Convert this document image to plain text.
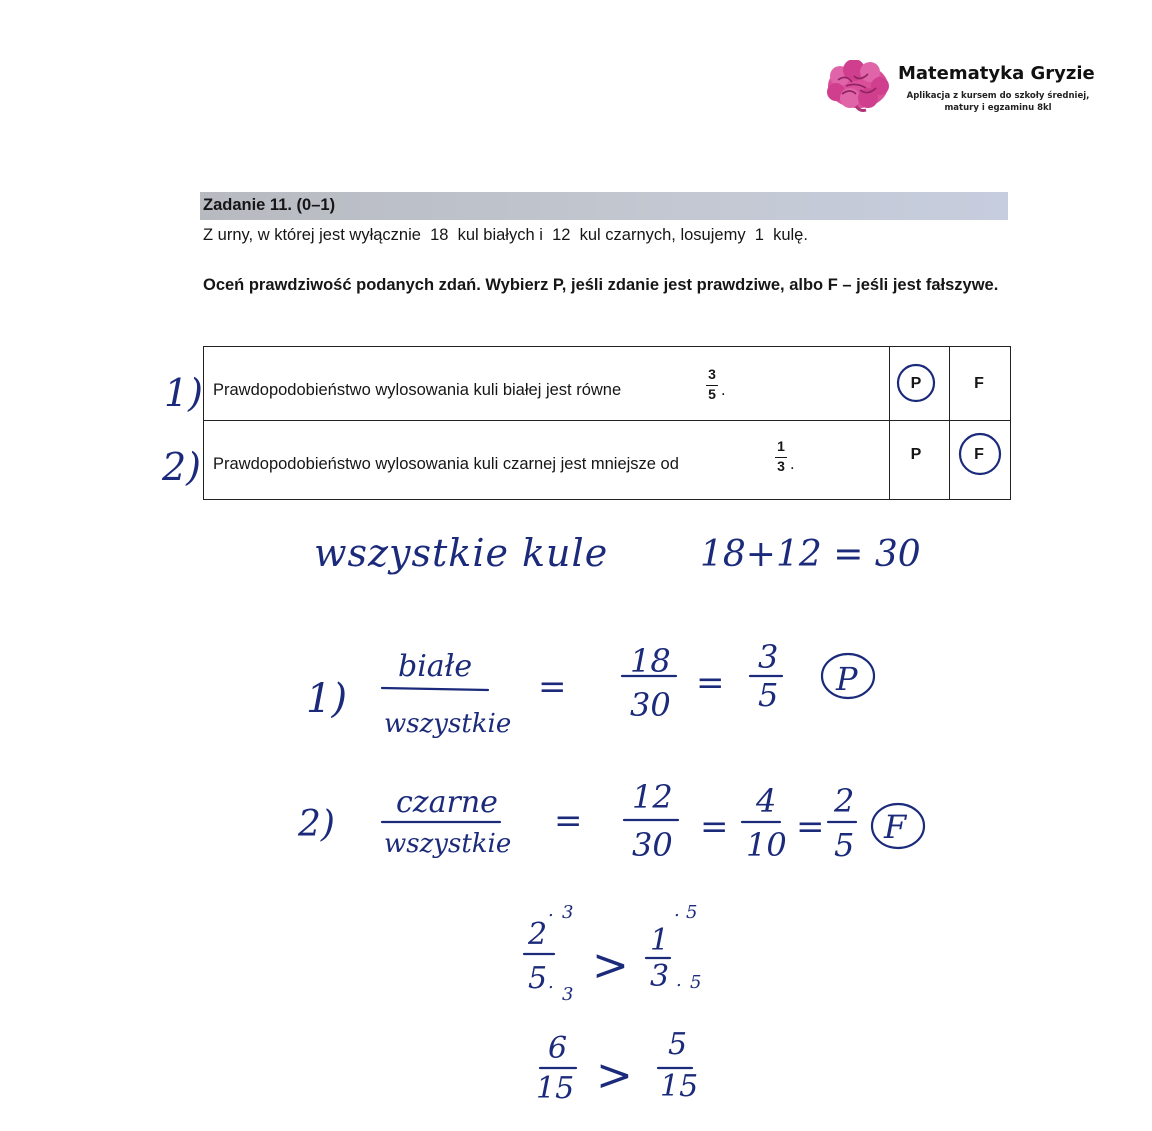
Matematyka Gryzie
Aplikacja z kursem do szkoły średniej,
matury i egzaminu 8kl
Zadanie 11. (0–1)
Z urny, w której jest wyłącznie  18  kul białych i  12  kul czarnych, losujemy  1  kulę.
Oceń prawdziwość podanych zdań. Wybierz P, jeśli zdanie jest prawdziwe, albo F – jeśli jest fałszywe.
Prawdopodobieństwo wylosowania kuli białej jest równe
3
5 .	P	F
Prawdopodobieństwo wylosowania kuli czarnej jest mniejsze od
1
3 .
P	F
1)
2)
wszystkie kule	18+12 = 30
1)
białe
wszystkie
=
18
30
=
3
5 P
2)
czarne
wszystkie
=
12
30 =
4
10 =
2
5 F
2
5
. 3
.
3
> 1
3
. 5
. 5
6
15 >
5
15
